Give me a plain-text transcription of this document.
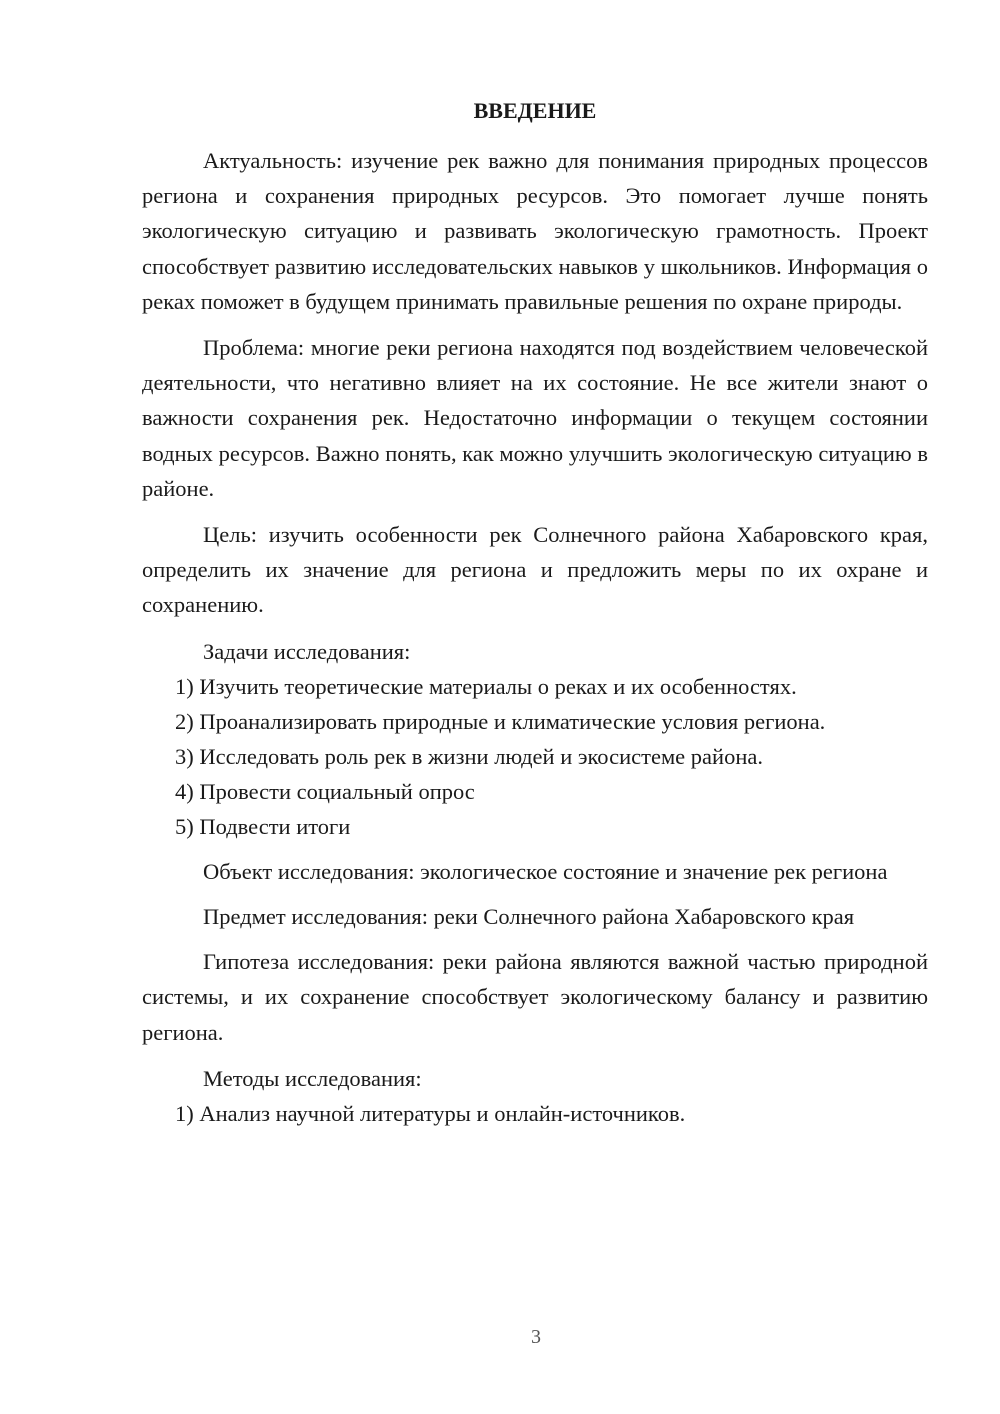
ВВЕДЕНИЕ

Актуальность: изучение рек важно для понимания природных процессов региона и сохранения природных ресурсов. Это помогает лучше понять экологическую ситуацию и развивать экологическую грамотность. Проект способствует развитию исследовательских навыков у школьников. Информация о реках поможет в будущем принимать правильные решения по охране природы.

Проблема: многие реки региона находятся под воздействием человеческой деятельности, что негативно влияет на их состояние. Не все жители знают о важности сохранения рек. Недостаточно информации о текущем состоянии водных ресурсов. Важно понять, как можно улучшить экологическую ситуацию в районе.

Цель: изучить особенности рек Солнечного района Хабаровского края, определить их значение для региона и предложить меры по их охране и сохранению.

Задачи исследования:

1) Изучить теоретические материалы о реках и их особенностях.

2) Проанализировать природные и климатические условия региона.

3) Исследовать роль рек в жизни людей и экосистеме района.

4) Провести социальный опрос

5) Подвести итоги

Объект исследования: экологическое состояние и значение рек региона

Предмет исследования: реки Солнечного района Хабаровского края

Гипотеза исследования: реки района являются важной частью природной системы, и их сохранение способствует экологическому балансу и развитию региона.

Методы исследования:

1) Анализ научной литературы и онлайн-источников.

3
